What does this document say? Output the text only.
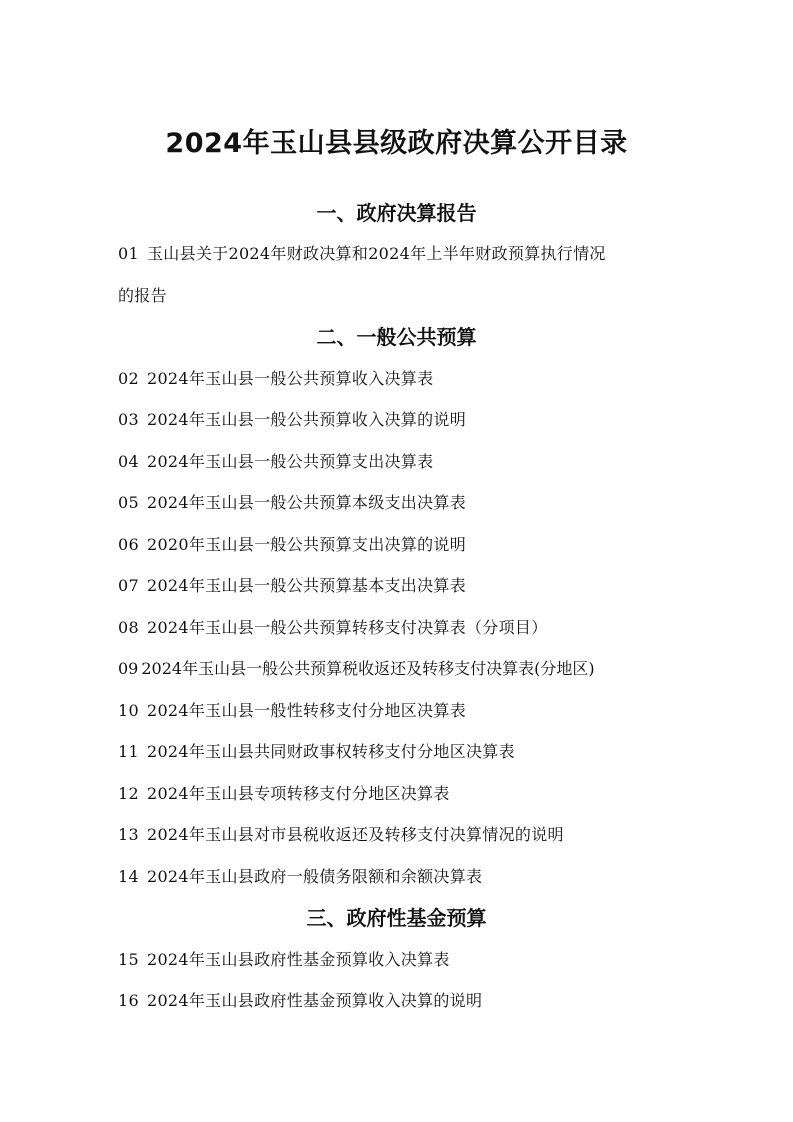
2024年玉山县县级政府决算公开目录
一、政府决算报告
01 玉山县关于2024年财政决算和2024年上半年财政预算执行情况
的报告
二、一般公共预算
02 2024年玉山县一般公共预算收入决算表
03 2024年玉山县一般公共预算收入决算的说明
04 2024年玉山县一般公共预算支出决算表
05 2024年玉山县一般公共预算本级支出决算表
06 2020年玉山县一般公共预算支出决算的说明
07 2024年玉山县一般公共预算基本支出决算表
08 2024年玉山县一般公共预算转移支付决算表（分项目）
09 2024年玉山县一般公共预算税收返还及转移支付决算表(分地区)
10 2024年玉山县一般性转移支付分地区决算表
11 2024年玉山县共同财政事权转移支付分地区决算表
12 2024年玉山县专项转移支付分地区决算表
13 2024年玉山县对市县税收返还及转移支付决算情况的说明
14 2024年玉山县政府一般债务限额和余额决算表
三、政府性基金预算
15 2024年玉山县政府性基金预算收入决算表
16 2024年玉山县政府性基金预算收入决算的说明
